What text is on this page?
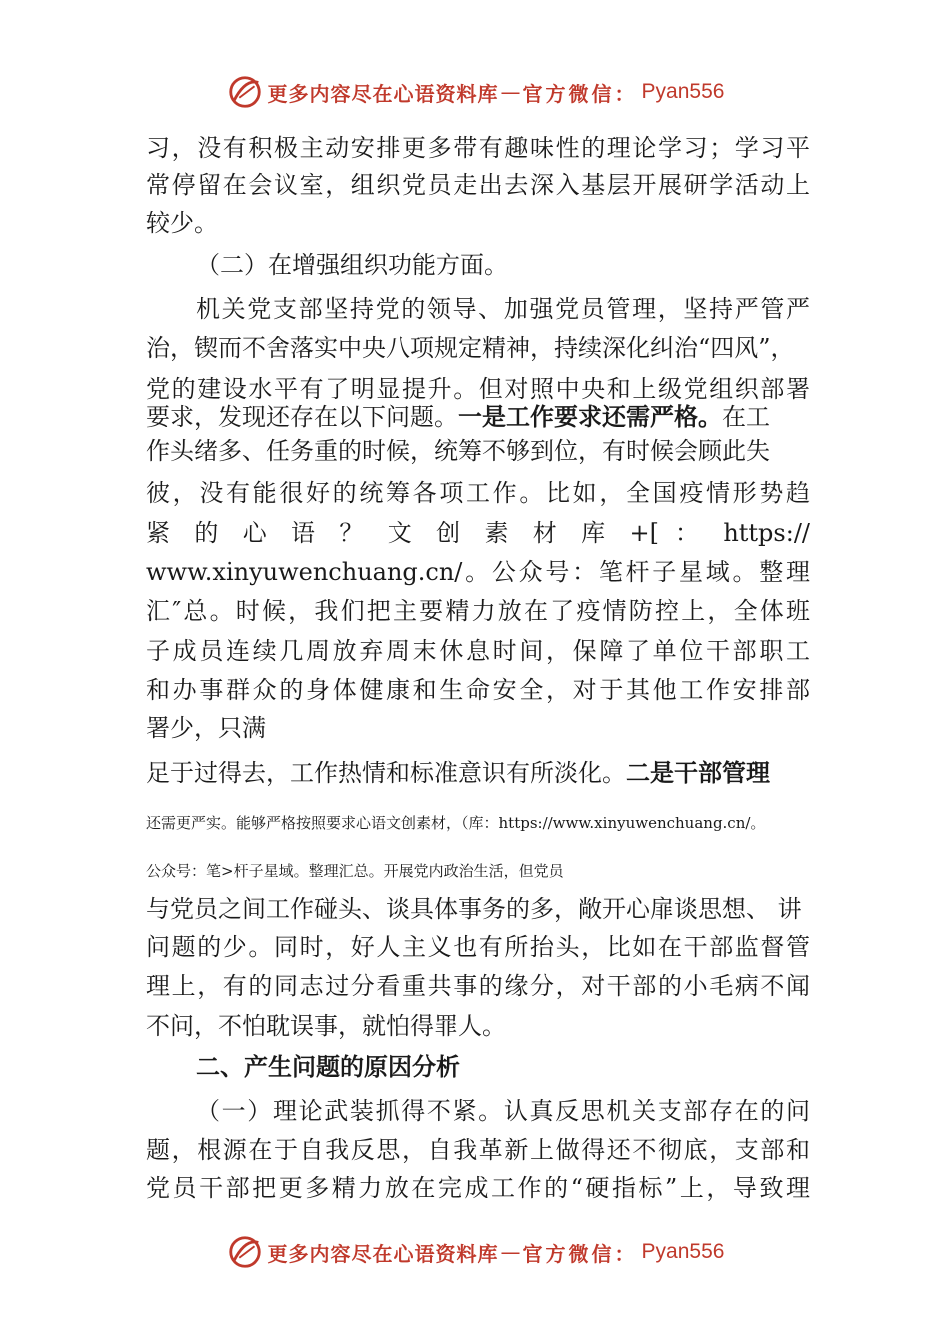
更多内容尽在心语资料库 — 官方微信： Pyan556
习，没有积极主动安排更多带有趣味性的理论学习；学习平
常停留在会议室，组织党员走出去深入基层开展研学活动上
较少。
（二）在增强组织功能方面。
机关党支部坚持党的领导、加强党员管理，坚持严管严
治，锲而不舍落实中央八项规定精神，持续深化纠治“四风”，
党的建设水平有了明显提升。但对照中央和上级党组织部署
要求，发现还存在以下问题。一是工作要求还需严格。在工
作头绪多、任务重的时候，统筹不够到位，有时候会顾此失
彼，没有能很好的统筹各项工作。比如，全国疫情形势趋
紧 的 心 语 ？ 文 创 素 材 库 +[ ： https://
www.xinyuwenchuang.cn/。公众号：笔杆子星域。整理
汇″总。时候，我们把主要精力放在了疫情防控上，全体班
子成员连续几周放弃周末休息时间，保障了单位干部职工
和办事群众的身体健康和生命安全，对于其他工作安排部
署少，只满
足于过得去，工作热情和标准意识有所淡化。二是干部管理
还需更严实。能够严格按照要求心语文创素材，（库：https://www.xinyuwenchuang.cn/。
公众号：笔>杆子星域。整理汇总。开展党内政治生活，但党员
与党员之间工作碰头、谈具体事务的多，敞开心扉谈思想、 讲
问题的少。同时，好人主义也有所抬头，比如在干部监督管
理上，有的同志过分看重共事的缘分，对干部的小毛病不闻
不问，不怕耽误事，就怕得罪人。
二、产生问题的原因分析
（一）理论武装抓得不紧。认真反思机关支部存在的问
题，根源在于自我反思，自我革新上做得还不彻底，支部和
党员干部把更多精力放在完成工作的“硬指标”上，导致理
更多内容尽在心语资料库 — 官方微信： Pyan556
